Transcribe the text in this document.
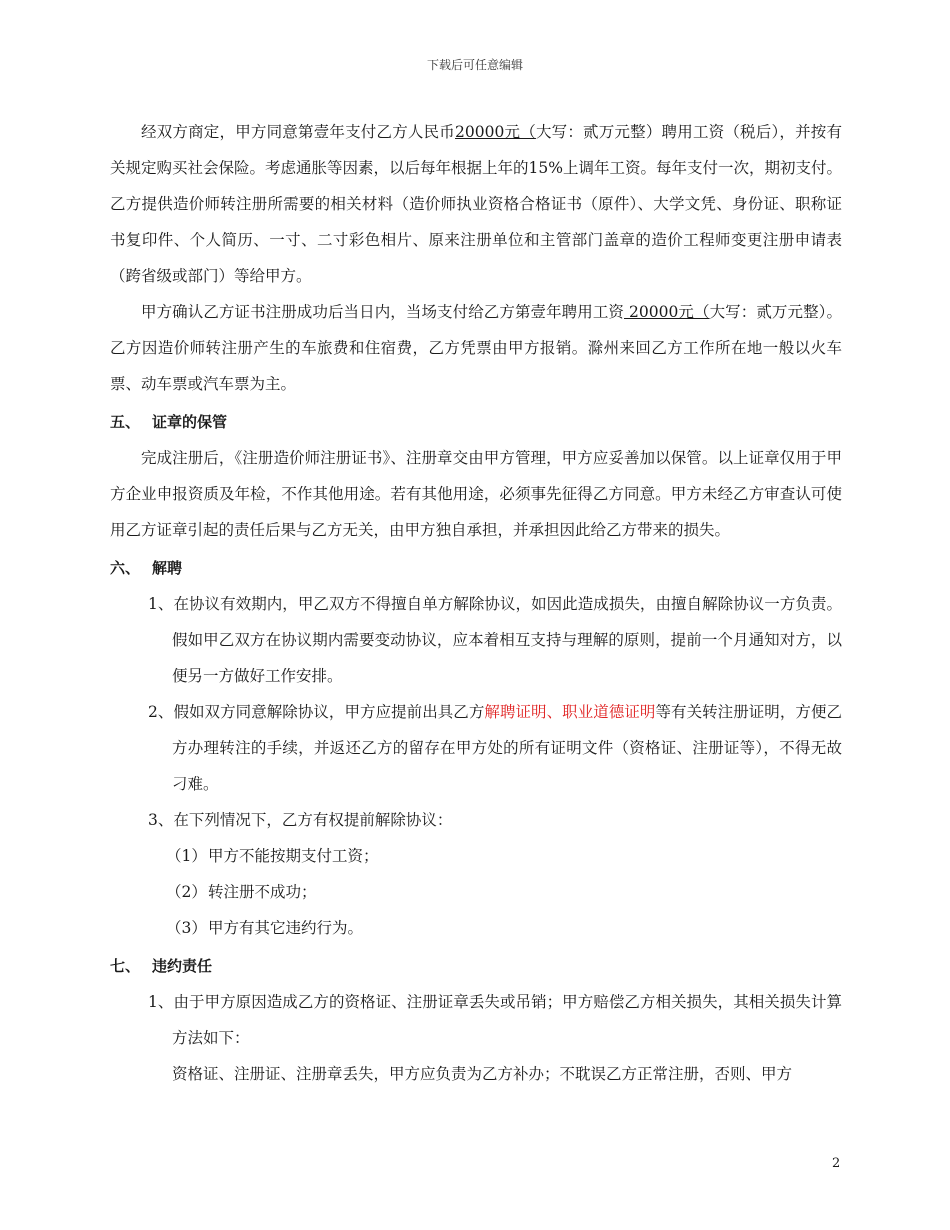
下载后可任意编辑

经双方商定，甲方同意第壹年支付乙方人民币20000元（大写：贰万元整）聘用工资（税后），并按有关规定购买社会保险。考虑通胀等因素，以后每年根据上年的15%上调年工资。每年支付一次，期初支付。乙方提供造价师转注册所需要的相关材料（造价师执业资格合格证书（原件）、大学文凭、身份证、职称证书复印件、个人简历、一寸、二寸彩色相片、原来注册单位和主管部门盖章的造价工程师变更注册申请表（跨省级或部门）等给甲方。

甲方确认乙方证书注册成功后当日内，当场支付给乙方第壹年聘用工资 20000元（大写：贰万元整）。乙方因造价师转注册产生的车旅费和住宿费，乙方凭票由甲方报销。滁州来回乙方工作所在地一般以火车票、动车票或汽车票为主。

五、 证章的保管

完成注册后，《注册造价师注册证书》、注册章交由甲方管理，甲方应妥善加以保管。以上证章仅用于甲方企业申报资质及年检，不作其他用途。若有其他用途，必须事先征得乙方同意。甲方未经乙方审查认可使用乙方证章引起的责任后果与乙方无关，由甲方独自承担，并承担因此给乙方带来的损失。

六、 解聘

1、在协议有效期内，甲乙双方不得擅自单方解除协议，如因此造成损失，由擅自解除协议一方负责。假如甲乙双方在协议期内需要变动协议，应本着相互支持与理解的原则，提前一个月通知对方，以便另一方做好工作安排。

2、假如双方同意解除协议，甲方应提前出具乙方解聘证明、职业道德证明等有关转注册证明，方便乙方办理转注的手续，并返还乙方的留存在甲方处的所有证明文件（资格证、注册证等），不得无故刁难。

3、在下列情况下，乙方有权提前解除协议：

（1）甲方不能按期支付工资；

（2）转注册不成功；

（3）甲方有其它违约行为。

七、 违约责任

1、由于甲方原因造成乙方的资格证、注册证章丢失或吊销；甲方赔偿乙方相关损失，其相关损失计算方法如下：

资格证、注册证、注册章丢失，甲方应负责为乙方补办；不耽误乙方正常注册，否则、甲方

2
